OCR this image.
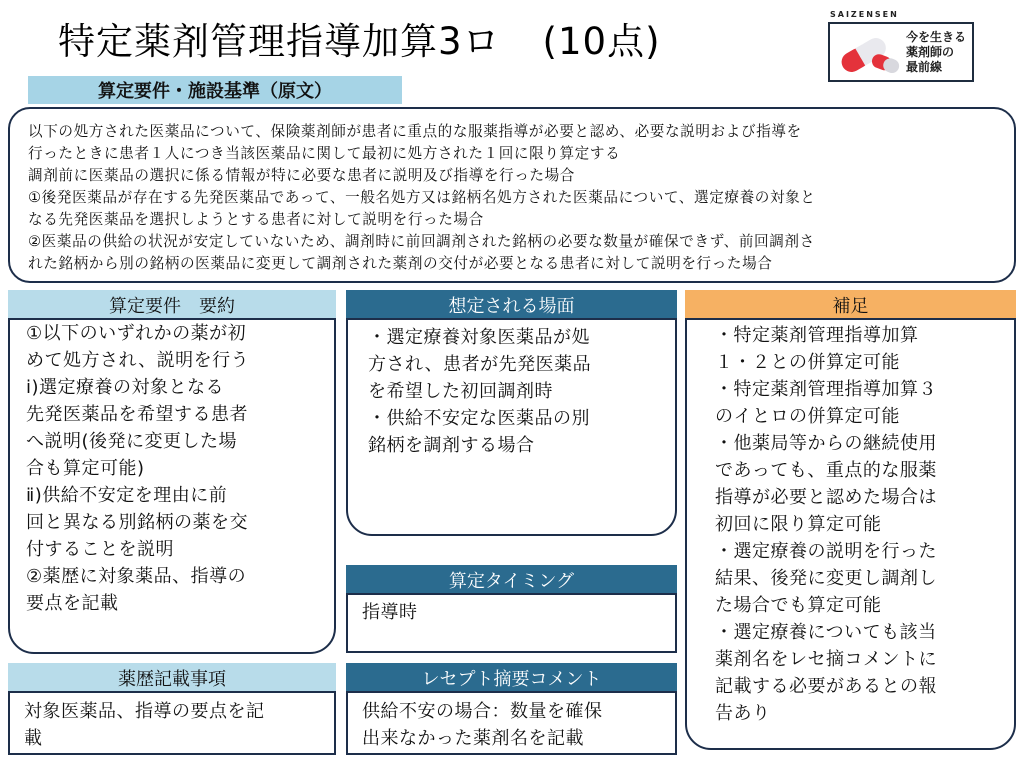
特定薬剤管理指導加算3ロ (10点)
SAIZENSEN
今を生きる
薬剤師の
最前線
算定要件・施設基準（原文）

以下の処方された医薬品について、保険薬剤師が患者に重点的な服薬指導が必要と認め、必要な説明および指導を

行ったときに患者１人につき当該医薬品に関して最初に処方された１回に限り算定する

調剤前に医薬品の選択に係る情報が特に必要な患者に説明及び指導を行った場合

①後発医薬品が存在する先発医薬品であって、一般名処方又は銘柄名処方された医薬品について、選定療養の対象と

なる先発医薬品を選択しようとする患者に対して説明を行った場合

②医薬品の供給の状況が安定していないため、調剤時に前回調剤された銘柄の必要な数量が確保できず、前回調剤さ

れた銘柄から別の銘柄の医薬品に変更して調剤された薬剤の交付が必要となる患者に対して説明を行った場合

算定要件　要約

①以下のいずれかの薬が初

めて処方され、説明を行う

ⅰ)選定療養の対象となる

先発医薬品を希望する患者

へ説明(後発に変更した場

合も算定可能)

ⅱ)供給不安定を理由に前

回と異なる別銘柄の薬を交

付することを説明

②薬歴に対象薬品、指導の

要点を記載

薬歴記載事項

対象医薬品、指導の要点を記

載

想定される場面

・選定療養対象医薬品が処

方され、患者が先発医薬品

を希望した初回調剤時

・供給不安定な医薬品の別

銘柄を調剤する場合

算定タイミング

指導時

レセプト摘要コメント

供給不安の場合：数量を確保

出来なかった薬剤名を記載

補足

・特定薬剤管理指導加算

１・２との併算定可能

・特定薬剤管理指導加算３

のイとロの併算定可能

・他薬局等からの継続使用

であっても、重点的な服薬

指導が必要と認めた場合は

初回に限り算定可能

・選定療養の説明を行った

結果、後発に変更し調剤し

た場合でも算定可能

・選定療養についても該当

薬剤名をレセ摘コメントに

記載する必要があるとの報

告あり
